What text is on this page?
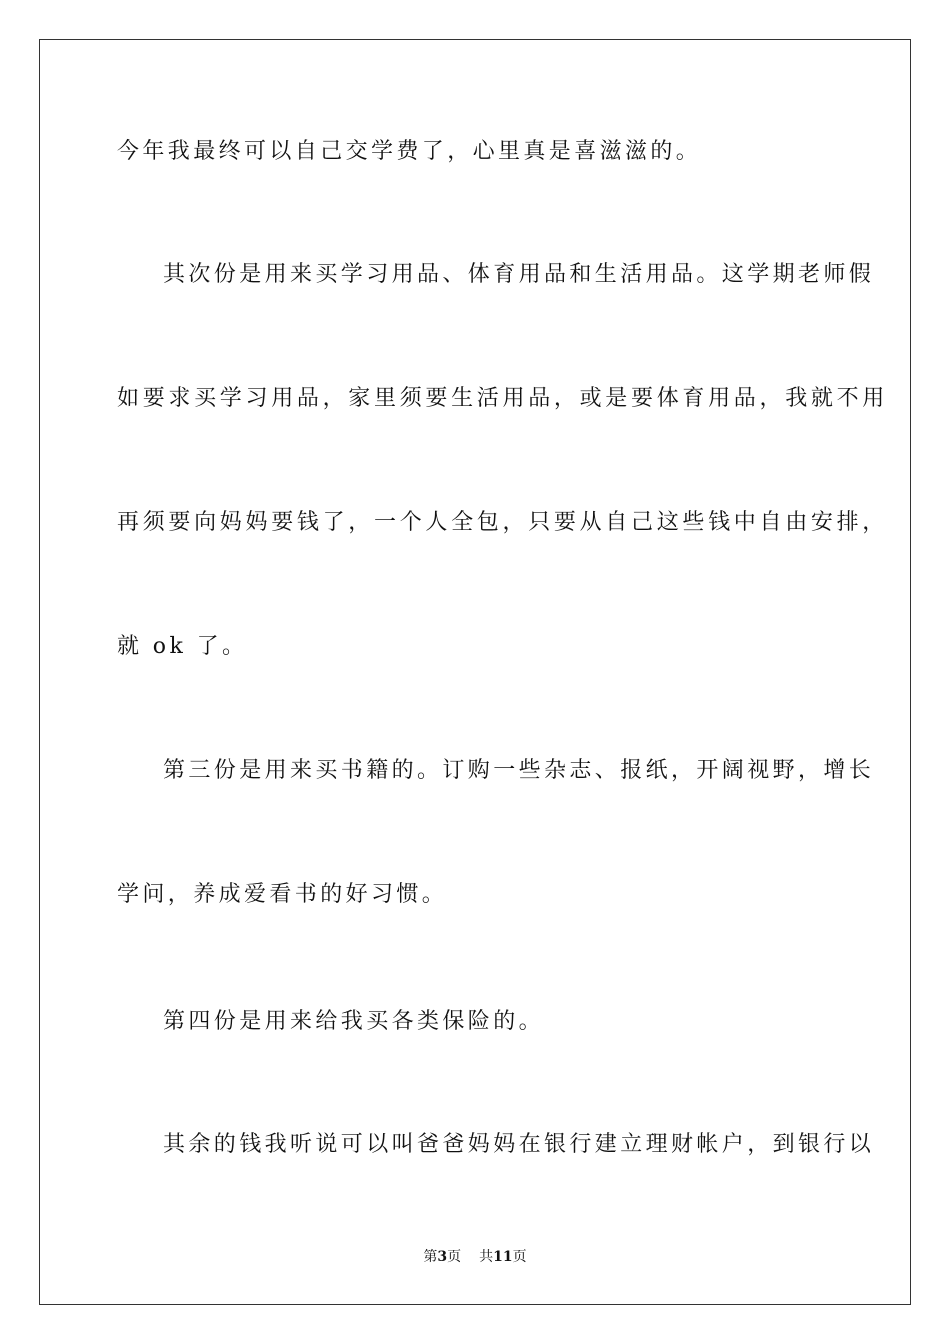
今年我最终可以自己交学费了，心里真是喜滋滋的。
其次份是用来买学习用品、体育用品和生活用品。这学期老师假
如要求买学习用品，家里须要生活用品，或是要体育用品，我就不用
再须要向妈妈要钱了，一个人全包，只要从自己这些钱中自由安排，
就 ok 了。
第三份是用来买书籍的。订购一些杂志、报纸，开阔视野，增长
学问，养成爱看书的好习惯。
第四份是用来给我买各类保险的。
其余的钱我听说可以叫爸爸妈妈在银行建立理财帐户，到银行以
第3页 共11页
